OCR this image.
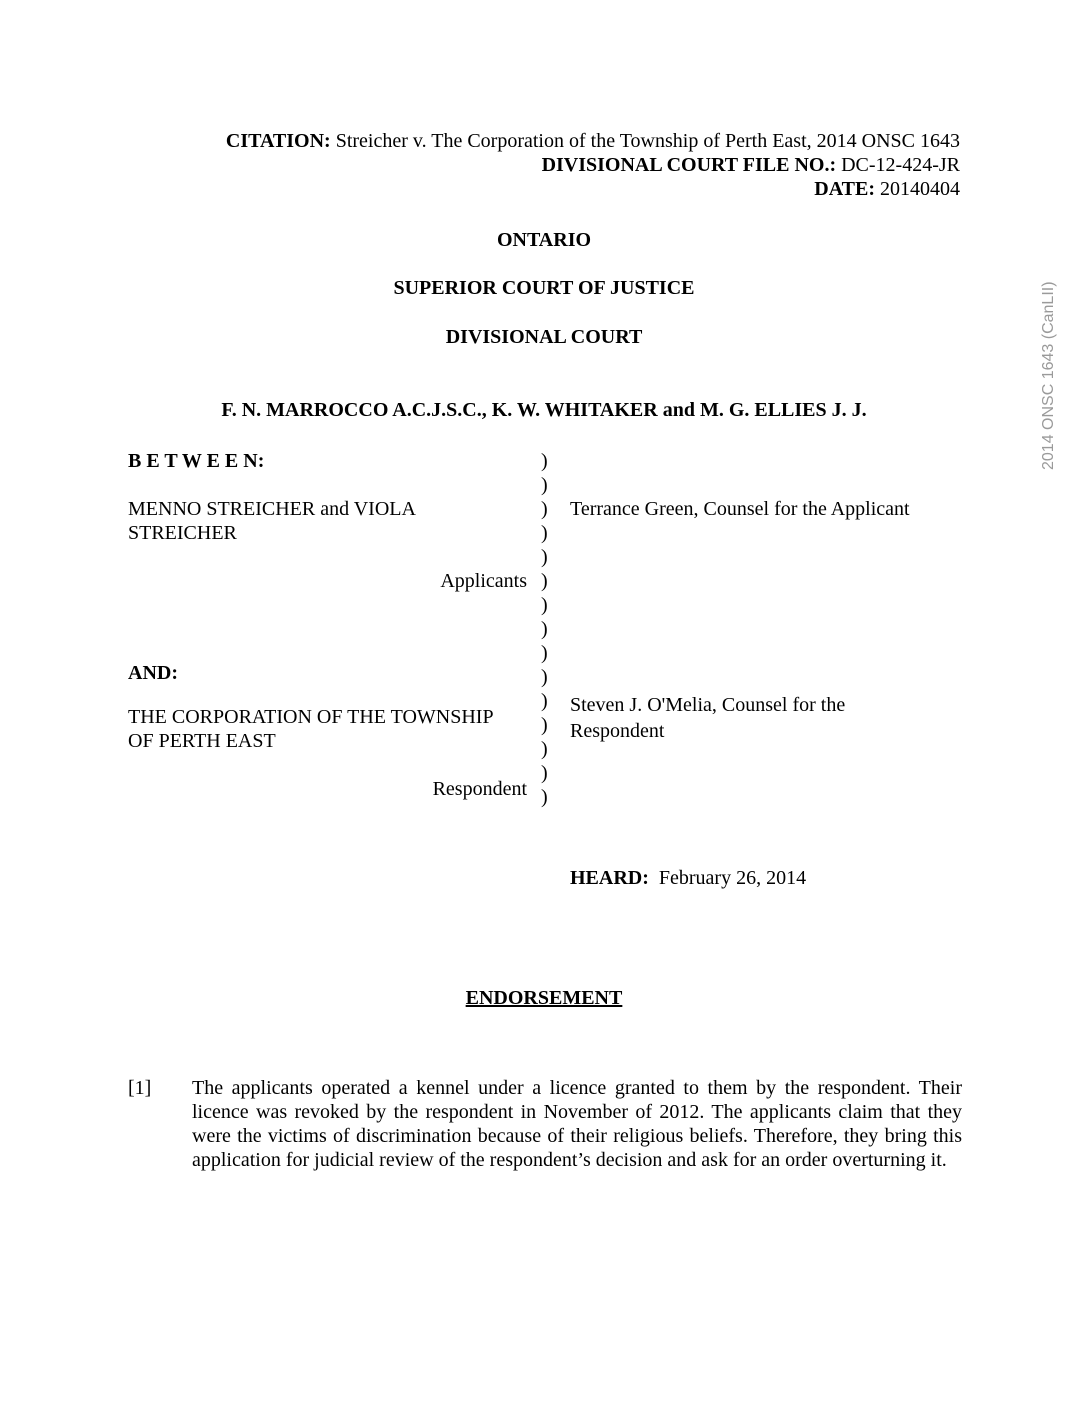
CITATION: Streicher v. The Corporation of the Township of Perth East, 2014 ONSC 1643
DIVISIONAL COURT FILE NO.: DC-12-424-JR
DATE: 20140404
ONTARIO
SUPERIOR COURT OF JUSTICE
DIVISIONAL COURT
F. N. MARROCCO A.C.J.S.C., K. W. WHITAKER and M. G. ELLIES J. J.
B E T W E E N:
MENNO STREICHER and VIOLA
STREICHER
Applicants
AND:
THE CORPORATION OF THE TOWNSHIP
OF PERTH EAST
Respondent
)
)
)
)
)
)
)
)
)
)
)
)
)
)
)
Terrance Green, Counsel for the Applicant
Steven J. O'Melia, Counsel for the
Respondent
HEARD: February 26, 2014
ENDORSEMENT
[1] The applicants operated a kennel under a licence granted to them by the respondent. Their licence was revoked by the respondent in November of 2012. The applicants claim that they were the victims of discrimination because of their religious beliefs. Therefore, they bring this application for judicial review of the respondent’s decision and ask for an order overturning it.
2014 ONSC 1643 (CanLII)
